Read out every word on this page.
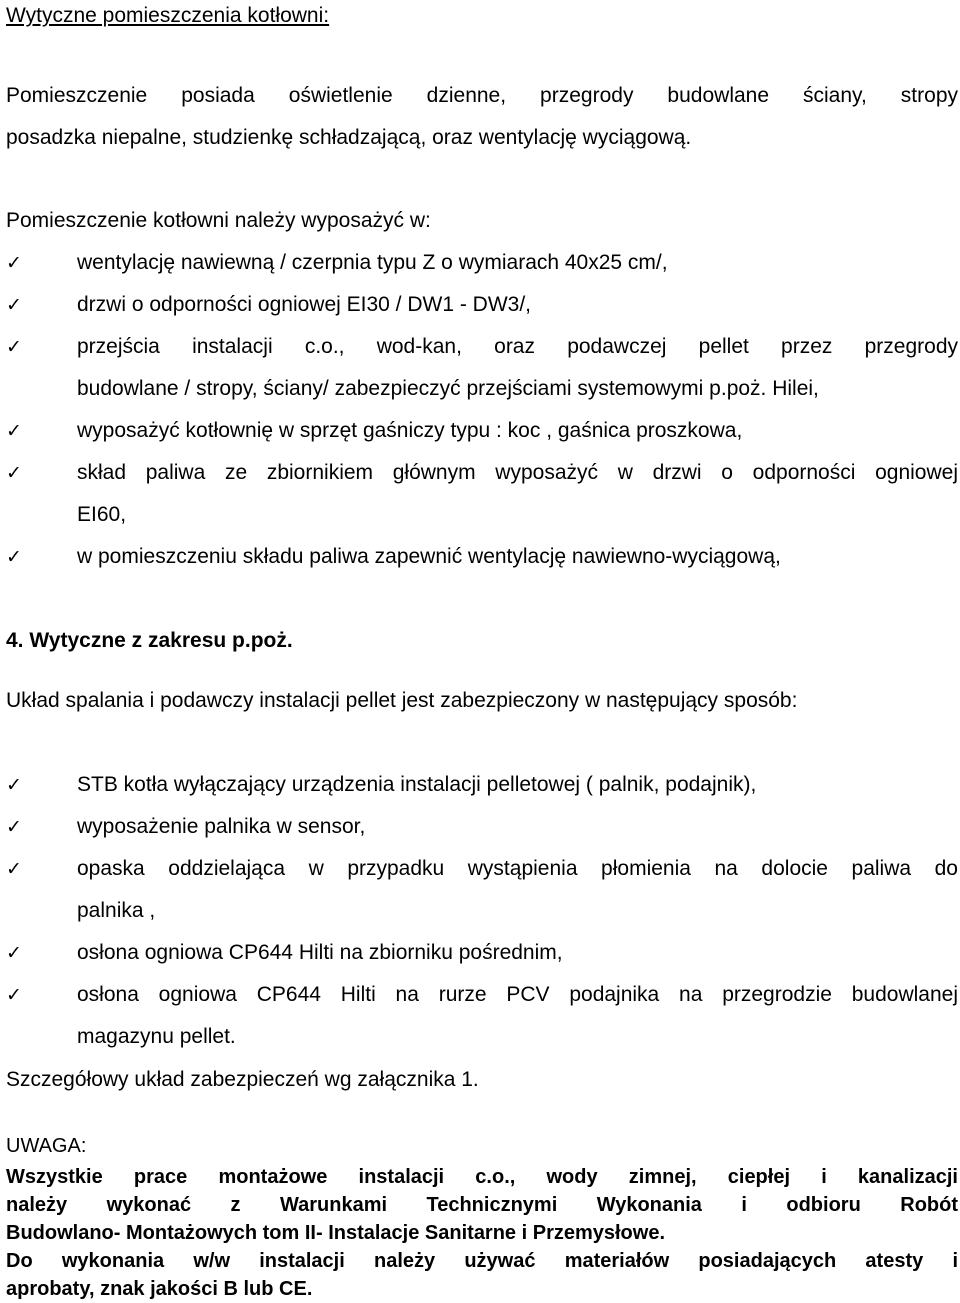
Wytyczne pomieszczenia kotłowni:
Pomieszczenie posiada oświetlenie dzienne, przegrody budowlane ściany, stropy
posadzka niepalne, studzienkę schładzającą, oraz wentylację wyciągową.
Pomieszczenie kotłowni należy wyposażyć w:
✓	wentylację nawiewną / czerpnia typu Z o wymiarach 40x25 cm/,
✓	drzwi o odporności ogniowej EI30 / DW1 - DW3/,
✓	przejścia instalacji c.o., wod-kan, oraz podawczej pellet przez przegrody
budowlane / stropy, ściany/ zabezpieczyć przejściami systemowymi p.poż. Hilei,
✓	wyposażyć kotłownię w sprzęt gaśniczy typu : koc , gaśnica proszkowa,
✓	skład paliwa ze zbiornikiem głównym wyposażyć w drzwi o odporności ogniowej
EI60,
✓	w pomieszczeniu składu paliwa zapewnić wentylację nawiewno-wyciągową,
4. Wytyczne z zakresu p.poż.
Układ spalania i podawczy instalacji pellet jest zabezpieczony w następujący sposób:
✓	STB kotła wyłączający urządzenia instalacji pelletowej ( palnik, podajnik),
✓	wyposażenie palnika w sensor,
✓	opaska oddzielająca w przypadku wystąpienia płomienia na dolocie paliwa do
palnika ,
✓	osłona ogniowa CP644 Hilti na zbiorniku pośrednim,
✓	osłona ogniowa CP644 Hilti na rurze PCV podajnika na przegrodzie budowlanej
magazynu pellet.
Szczegółowy układ zabezpieczeń wg załącznika 1.
UWAGA:
Wszystkie prace montażowe instalacji c.o., wody zimnej, ciepłej i kanalizacji
należy wykonać z Warunkami Technicznymi Wykonania i odbioru Robót
Budowlano- Montażowych tom II- Instalacje Sanitarne i Przemysłowe.
Do wykonania w/w instalacji należy używać materiałów posiadających atesty i
aprobaty, znak jakości B lub CE.
